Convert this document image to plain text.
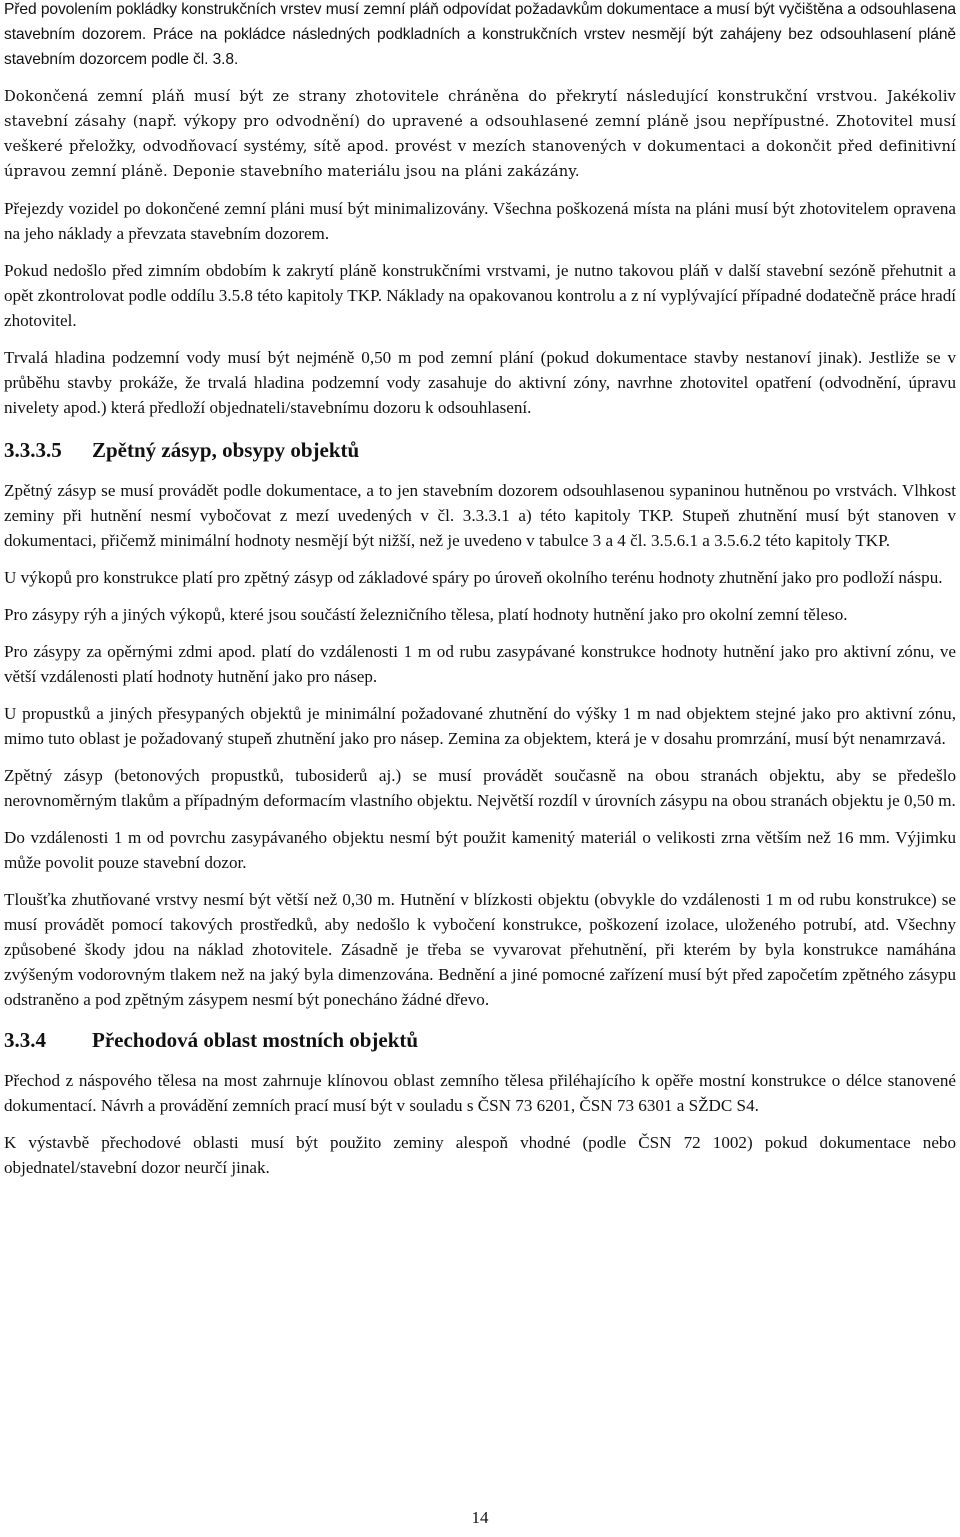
Před povolením pokládky konstrukčních vrstev musí zemní pláň odpovídat požadavkům dokumentace a musí být vyčištěna a odsouhlasena stavebním dozorem. Práce na pokládce následných podkladních a konstrukčních vrstev nesmějí být zahájeny bez odsouhlasení pláně stavebním dozorcem podle čl. 3.8.

Dokončená zemní pláň musí být ze strany zhotovitele chráněna do překrytí následující konstrukční vrstvou. Jakékoliv stavební zásahy (např. výkopy pro odvodnění) do upravené a odsouhlasené zemní pláně jsou nepřípustné. Zhotovitel musí veškeré přeložky, odvodňovací systémy, sítě apod. provést v mezích stanovených v dokumentaci a dokončit před definitivní úpravou zemní pláně. Deponie stavebního materiálu jsou na pláni zakázány.

Přejezdy vozidel po dokončené zemní pláni musí být minimalizovány. Všechna poškozená místa na pláni musí být zhotovitelem opravena na jeho náklady a převzata stavebním dozorem.

Pokud nedošlo před zimním obdobím k zakrytí pláně konstrukčními vrstvami, je nutno takovou pláň v další stavební sezóně přehutnit a opět zkontrolovat podle oddílu 3.5.8 této kapitoly TKP. Náklady na opakovanou kontrolu a z ní vyplývající případné dodatečně práce hradí zhotovitel.

Trvalá hladina podzemní vody musí být nejméně 0,50 m pod zemní plání (pokud dokumentace stavby nestanoví jinak). Jestliže se v průběhu stavby prokáže, že trvalá hladina podzemní vody zasahuje do aktivní zóny, navrhne zhotovitel opatření (odvodnění, úpravu nivelety apod.) která předloží objednateli/stavebnímu dozoru k odsouhlasení.

3.3.3.5 Zpětný zásyp, obsypy objektů

Zpětný zásyp se musí provádět podle dokumentace, a to jen stavebním dozorem odsouhlasenou sypaninou hutněnou po vrstvách. Vlhkost zeminy při hutnění nesmí vybočovat z mezí uvedených v čl. 3.3.3.1 a) této kapitoly TKP. Stupeň zhutnění musí být stanoven v dokumentaci, přičemž minimální hodnoty nesmějí být nižší, než je uvedeno v tabulce 3 a 4 čl. 3.5.6.1 a 3.5.6.2 této kapitoly TKP.

U výkopů pro konstrukce platí pro zpětný zásyp od základové spáry po úroveň okolního terénu hodnoty zhutnění jako pro podloží náspu.

Pro zásypy rýh a jiných výkopů, které jsou součástí železničního tělesa, platí hodnoty hutnění jako pro okolní zemní těleso.

Pro zásypy za opěrnými zdmi apod. platí do vzdálenosti 1 m od rubu zasypávané konstrukce hodnoty hutnění jako pro aktivní zónu, ve větší vzdálenosti platí hodnoty hutnění jako pro násep.

U propustků a jiných přesypaných objektů je minimální požadované zhutnění do výšky 1 m nad objektem stejné jako pro aktivní zónu, mimo tuto oblast je požadovaný stupeň zhutnění jako pro násep. Zemina za objektem, která je v dosahu promrzání, musí být nenamrzavá.

Zpětný zásyp (betonových propustků, tubosiderů aj.) se musí provádět současně na obou stranách objektu, aby se předešlo nerovnoměrným tlakům a případným deformacím vlastního objektu. Největší rozdíl v úrovních zásypu na obou stranách objektu je 0,50 m.

Do vzdálenosti 1 m od povrchu zasypávaného objektu nesmí být použit kamenitý materiál o velikosti zrna větším než 16 mm. Výjimku může povolit pouze stavební dozor.

Tloušťka zhutňované vrstvy nesmí být větší než 0,30 m. Hutnění v blízkosti objektu (obvykle do vzdálenosti 1 m od rubu konstrukce) se musí provádět pomocí takových prostředků, aby nedošlo k vybočení konstrukce, poškození izolace, uloženého potrubí, atd. Všechny způsobené škody jdou na náklad zhotovitele. Zásadně je třeba se vyvarovat přehutnění, při kterém by byla konstrukce namáhána zvýšeným vodorovným tlakem než na jaký byla dimenzována. Bednění a jiné pomocné zařízení musí být před započetím zpětného zásypu odstraněno a pod zpětným zásypem nesmí být ponecháno žádné dřevo.

3.3.4 Přechodová oblast mostních objektů

Přechod z náspového tělesa na most zahrnuje klínovou oblast zemního tělesa přiléhajícího k opěře mostní konstrukce o délce stanovené dokumentací. Návrh a provádění zemních prací musí být v souladu s ČSN 73 6201, ČSN 73 6301 a SŽDC S4.

K výstavbě přechodové oblasti musí být použito zeminy alespoň vhodné (podle ČSN 72 1002) pokud dokumentace nebo objednatel/stavební dozor neurčí jinak.

14
